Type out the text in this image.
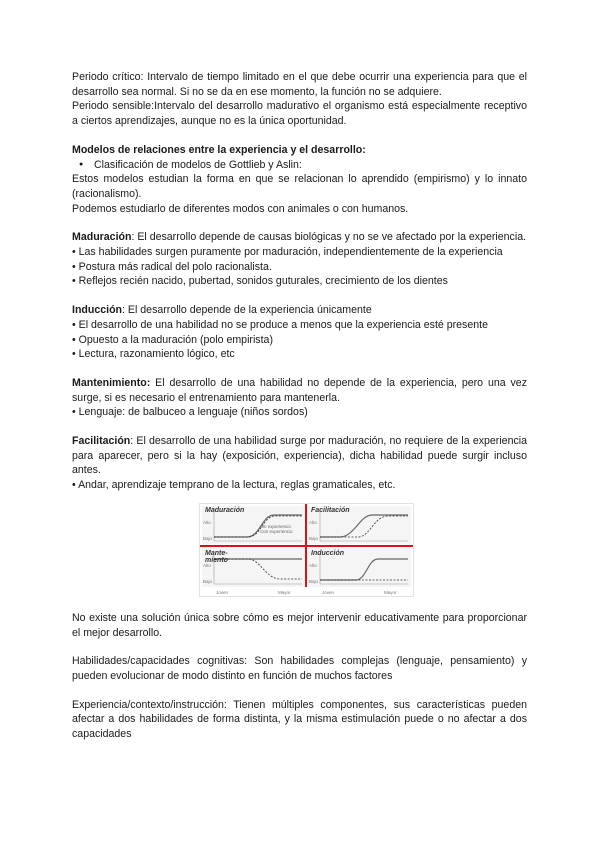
Periodo crítico: Intervalo de tiempo limitado en el que debe ocurrir una experiencia para que el desarrollo sea normal. Si no se da en ese momento, la función no se adquiere.

Periodo sensible:Intervalo del desarrollo madurativo el organismo está especialmente receptivo a ciertos aprendizajes, aunque no es la única oportunidad.

Modelos de relaciones entre la experiencia y el desarrollo:

● Clasificación de modelos de Gottlieb y Aslin:

Estos modelos estudian la forma en que se relacionan lo aprendido (empirismo) y lo innato (racionalismo).

Podemos estudiarlo de diferentes modos con animales o con humanos.

Maduración: El desarrollo depende de causas biológicas y no se ve afectado por la experiencia.

• Las habilidades surgen puramente por maduración, independientemente de la experiencia

• Postura más radical del polo racionalista.

• Reflejos recién nacido, pubertad, sonidos guturales, crecimiento de los dientes

Inducción: El desarrollo depende de la experiencia únicamente

• El desarrollo de una habilidad no se produce a menos que la experiencia esté presente

• Opuesto a la maduración (polo empirista)

• Lectura, razonamiento lógico, etc

Mantenimiento: El desarrollo de una habilidad no depende de la experiencia, pero una vez surge, si es necesario el entrenamiento para mantenerla.

• Lenguaje: de balbuceo a lenguaje (niños sordos)

Facilitación: El desarrollo de una habilidad surge por maduración, no requiere de la experiencia para aparecer, pero si la hay (exposición, experiencia), dicha habilidad puede surgir incluso antes.

• Andar, aprendizaje temprano de la lectura, reglas gramaticales, etc.

Maduración
Alto
Bajo
Sin experiencia
Con experiencia
Facilitación
Alto
Bajo
Mante-
miento
Alto
Bajo
Inducción
Alto
Bajo
Joven	Mayor	Joven	Mayor

No existe una solución única sobre cómo es mejor intervenir educativamente para proporcionar el mejor desarrollo.

Habilidades/capacidades cognitivas: Son habilidades complejas (lenguaje, pensamiento) y pueden evolucionar de modo distinto en función de muchos factores

Experiencia/contexto/instrucción: Tienen múltiples componentes, sus características pueden afectar a dos habilidades de forma distinta, y la misma estimulación puede o no afectar a dos capacidades
